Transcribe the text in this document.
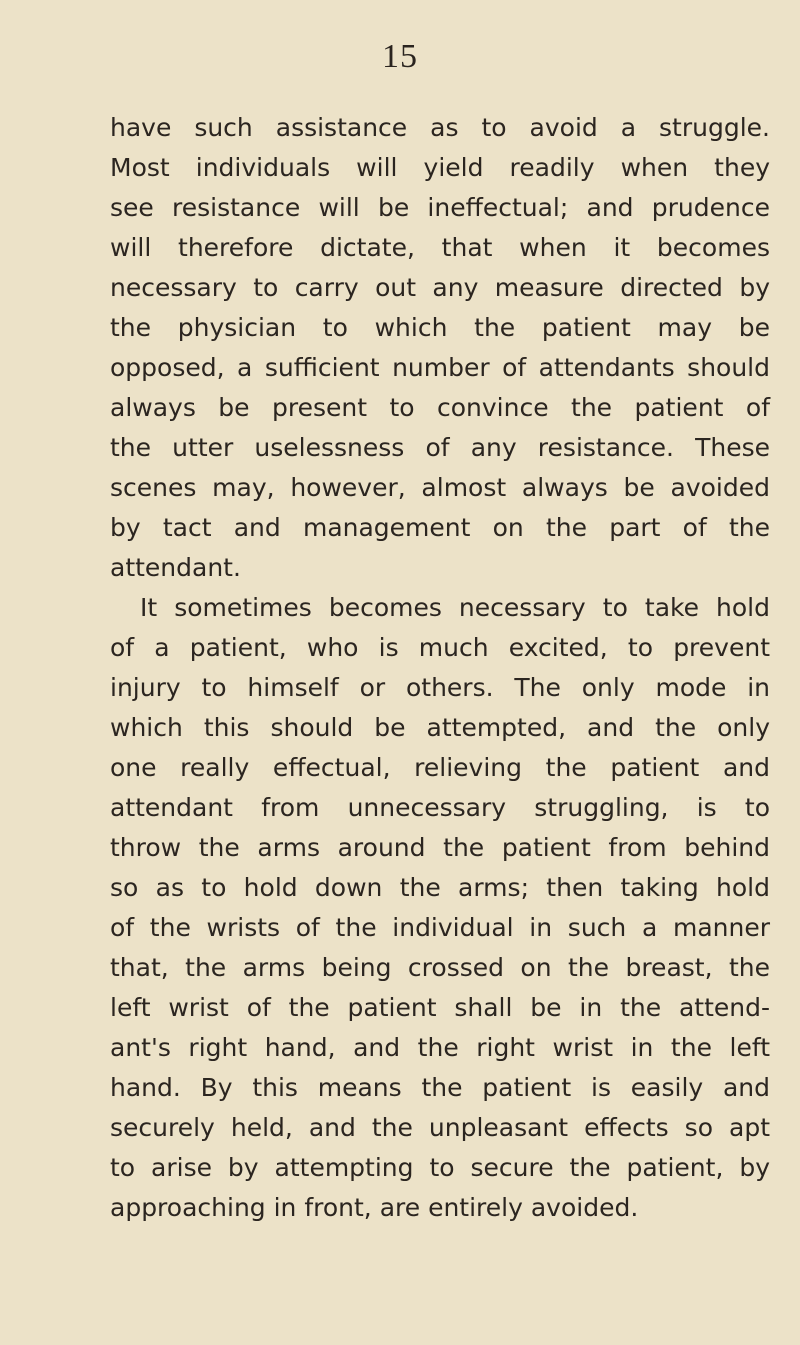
15
have such assistance as to avoid a struggle.
Most individuals will yield readily when they
see resistance will be ineffectual; and prudence
will therefore dictate, that when it becomes
necessary to carry out any measure directed by
the physician to which the patient may be
opposed, a sufficient number of attendants should
always be present to convince the patient of
the utter uselessness of any resistance. These
scenes may, however, almost always be avoided
by tact and management on the part of the
attendant.
It sometimes becomes necessary to take hold
of a patient, who is much excited, to prevent
injury to himself or others. The only mode in
which this should be attempted, and the only
one really effectual, relieving the patient and
attendant from unnecessary struggling, is to
throw the arms around the patient from behind
so as to hold down the arms; then taking hold
of the wrists of the individual in such a manner
that, the arms being crossed on the breast, the
left wrist of the patient shall be in the attend-
ant's right hand, and the right wrist in the left
hand. By this means the patient is easily and
securely held, and the unpleasant effects so apt
to arise by attempting to secure the patient, by
approaching in front, are entirely avoided.
